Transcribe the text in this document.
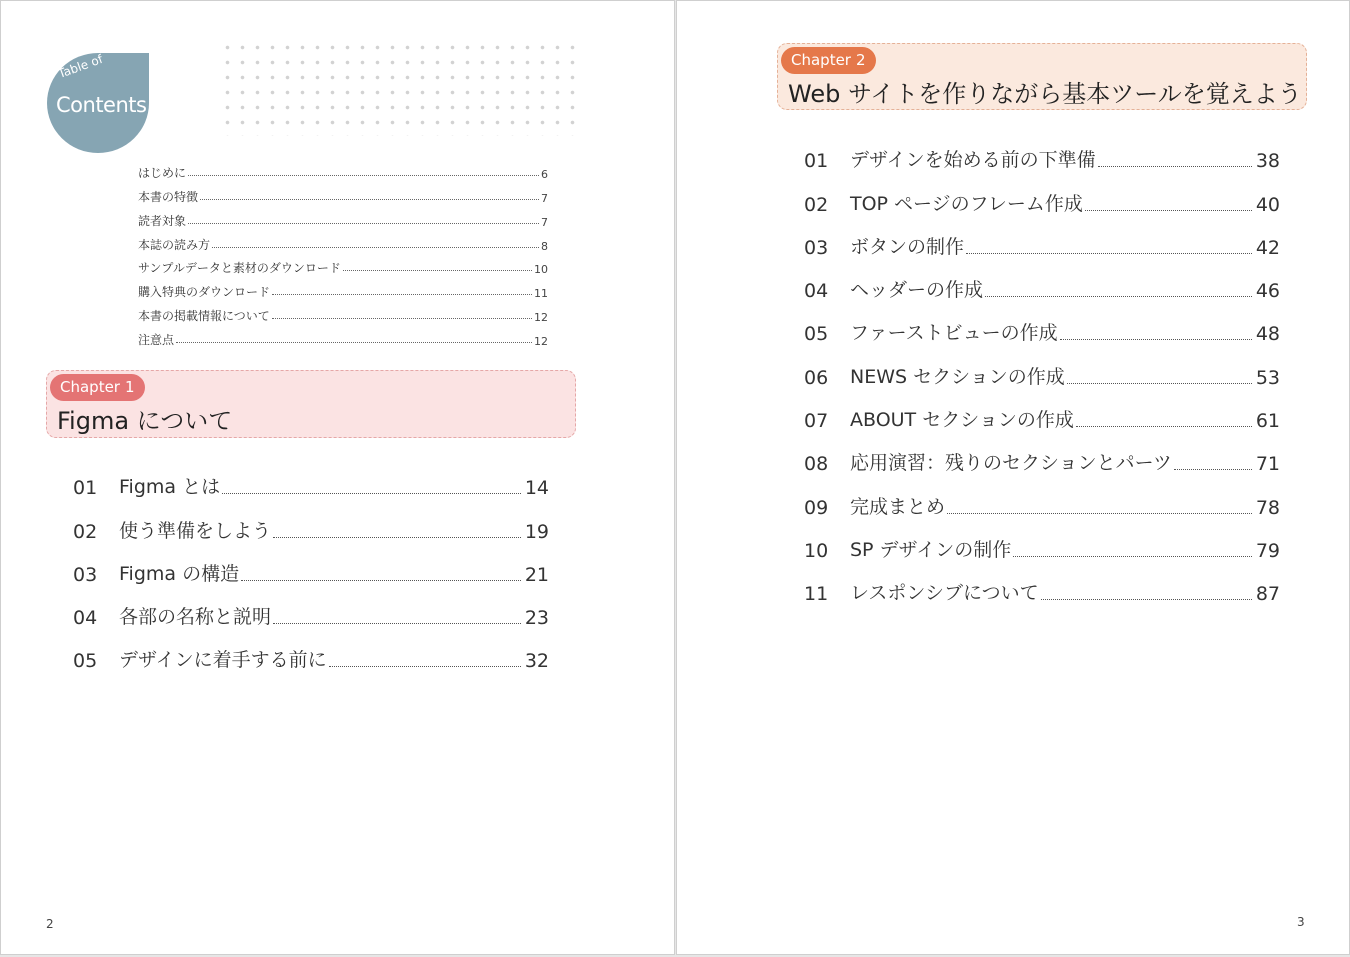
Table of
Contents
はじめに	6
本書の特徴	7
読者対象	7
本誌の読み方	8
サンプルデータと素材のダウンロード	10
購入特典のダウンロード	11
本書の掲載情報について	12
注意点	12
Chapter 1
Figma について
01	Figma とは	14
02	使う準備をしよう	19
03	Figma の構造	21
04	各部の名称と説明	23
05	デザインに着手する前に	32
2
Chapter 2
Web サイトを作りながら基本ツールを覚えよう
01	デザインを始める前の下準備	38
02	TOP ページのフレーム作成	40
03	ボタンの制作	42
04	ヘッダーの作成	46
05	ファーストビューの作成	48
06	NEWS セクションの作成	53
07	ABOUT セクションの作成	61
08	応用演習：残りのセクションとパーツ	71
09	完成まとめ	78
10	SP デザインの制作	79
11	レスポンシブについて	87
3
